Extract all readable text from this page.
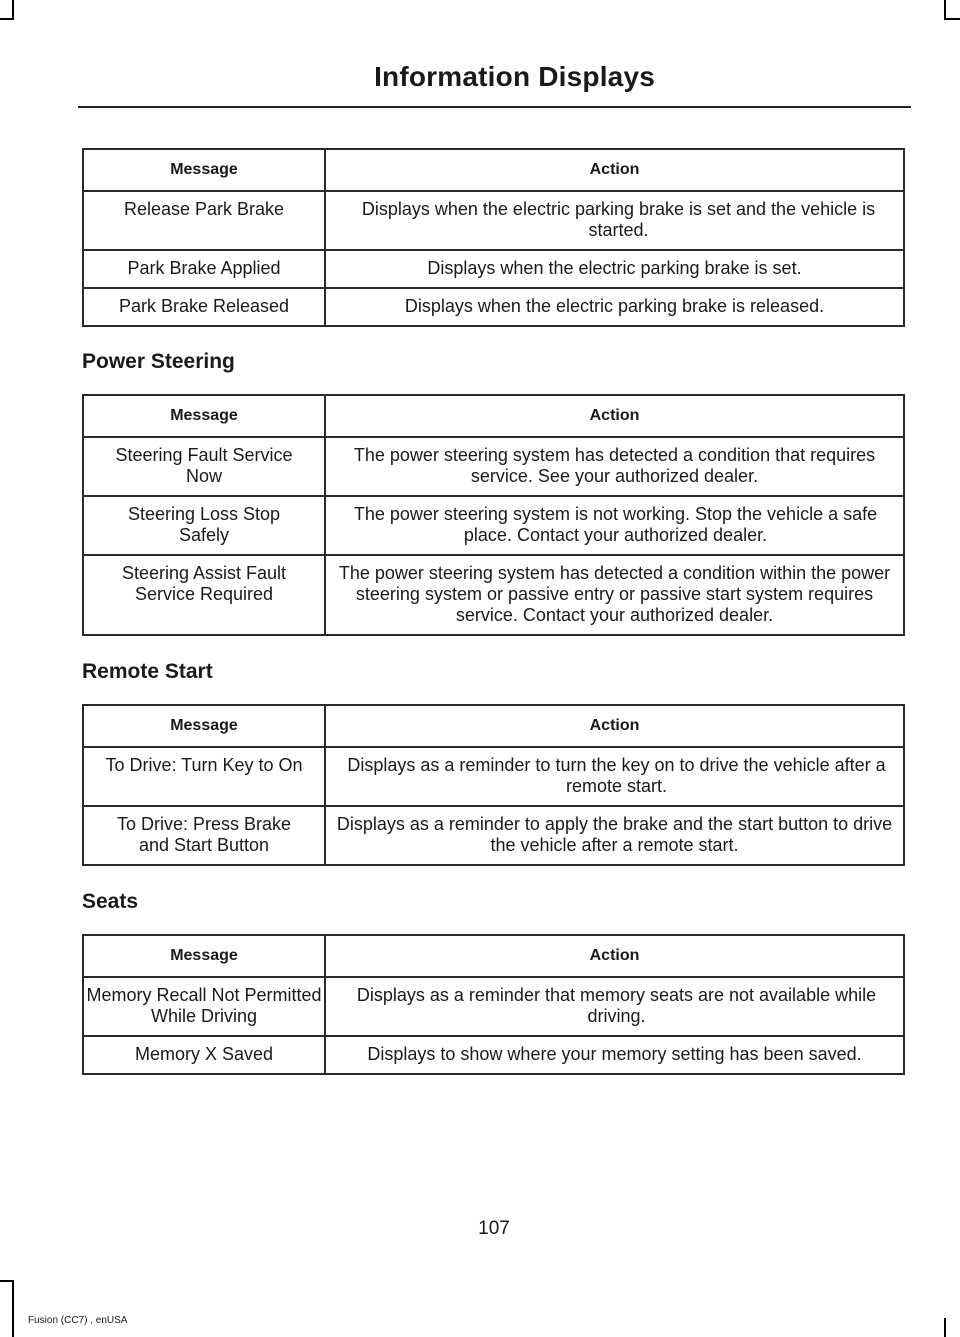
Information Displays
Message	Action
Release Park Brake	Displays when the electric parking brake is set and the vehicle is started.
Park Brake Applied	Displays when the electric parking brake is set.
Park Brake Released	Displays when the electric parking brake is released.
Power Steering
Message	Action
Steering Fault Service Now	The power steering system has detected a condition that requires service. See your authorized dealer.
Steering Loss Stop Safely	The power steering system is not working. Stop the vehicle a safe place. Contact your authorized dealer.
Steering Assist Fault Service Required	The power steering system has detected a condition within the power steering system or passive entry or passive start system requires service. Contact your authorized dealer.
Remote Start
Message	Action
To Drive: Turn Key to On	Displays as a reminder to turn the key on to drive the vehicle after a remote start.
To Drive: Press Brake and Start Button	Displays as a reminder to apply the brake and the start button to drive the vehicle after a remote start.
Seats
Message	Action
Memory Recall Not Permitted While Driving	Displays as a reminder that memory seats are not available while driving.
Memory X Saved	Displays to show where your memory setting has been saved.
107
Fusion (CC7) , enUSA
